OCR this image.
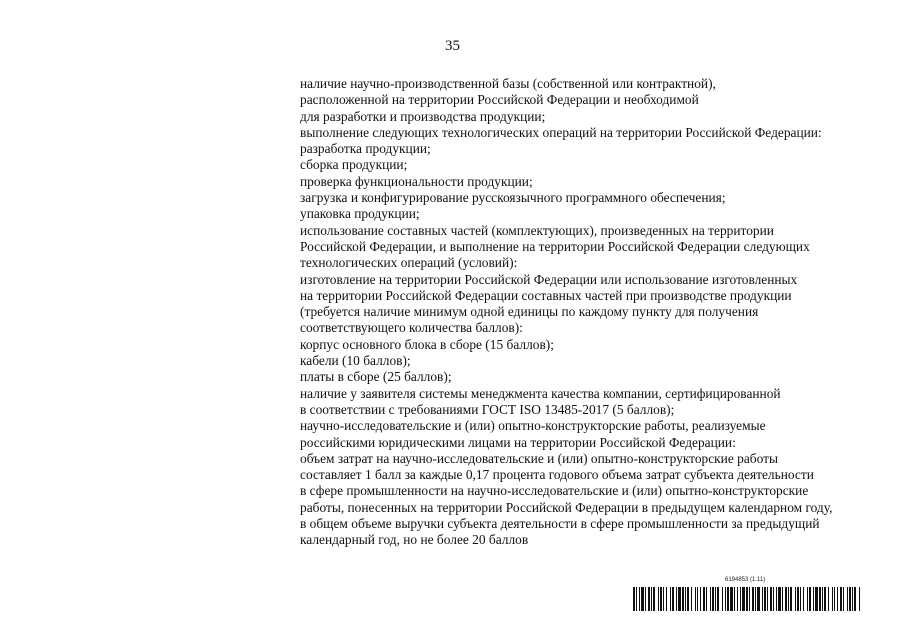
35
наличие научно-производственной базы (собственной или контрактной),
расположенной на территории Российской Федерации и необходимой
для разработки и производства продукции;
выполнение следующих технологических операций на территории Российской Федерации:
разработка продукции;
сборка продукции;
проверка функциональности продукции;
загрузка и конфигурирование русскоязычного программного обеспечения;
упаковка продукции;
использование составных частей (комплектующих), произведенных на территории
Российской Федерации, и выполнение на территории Российской Федерации следующих
технологических операций (условий):
изготовление на территории Российской Федерации или использование изготовленных
на территории Российской Федерации составных частей при производстве продукции
(требуется наличие минимум одной единицы по каждому пункту для получения
соответствующего количества баллов):
корпус основного блока в сборе (15 баллов);
кабели (10 баллов);
платы в сборе (25 баллов);
наличие у заявителя системы менеджмента качества компании, сертифицированной
в соответствии с требованиями ГОСТ ISO 13485-2017 (5 баллов);
научно-исследовательские и (или) опытно-конструкторские работы, реализуемые
российскими юридическими лицами на территории Российской Федерации:
объем затрат на научно-исследовательские и (или) опытно-конструкторские работы
составляет 1 балл за каждые 0,17 процента годового объема затрат субъекта деятельности
в сфере промышленности на научно-исследовательские и (или) опытно-конструкторские
работы, понесенных на территории Российской Федерации в предыдущем календарном году,
в общем объеме выручки субъекта деятельности в сфере промышленности за предыдущий
календарный год, но не более 20 баллов
6194853 (1.11)
